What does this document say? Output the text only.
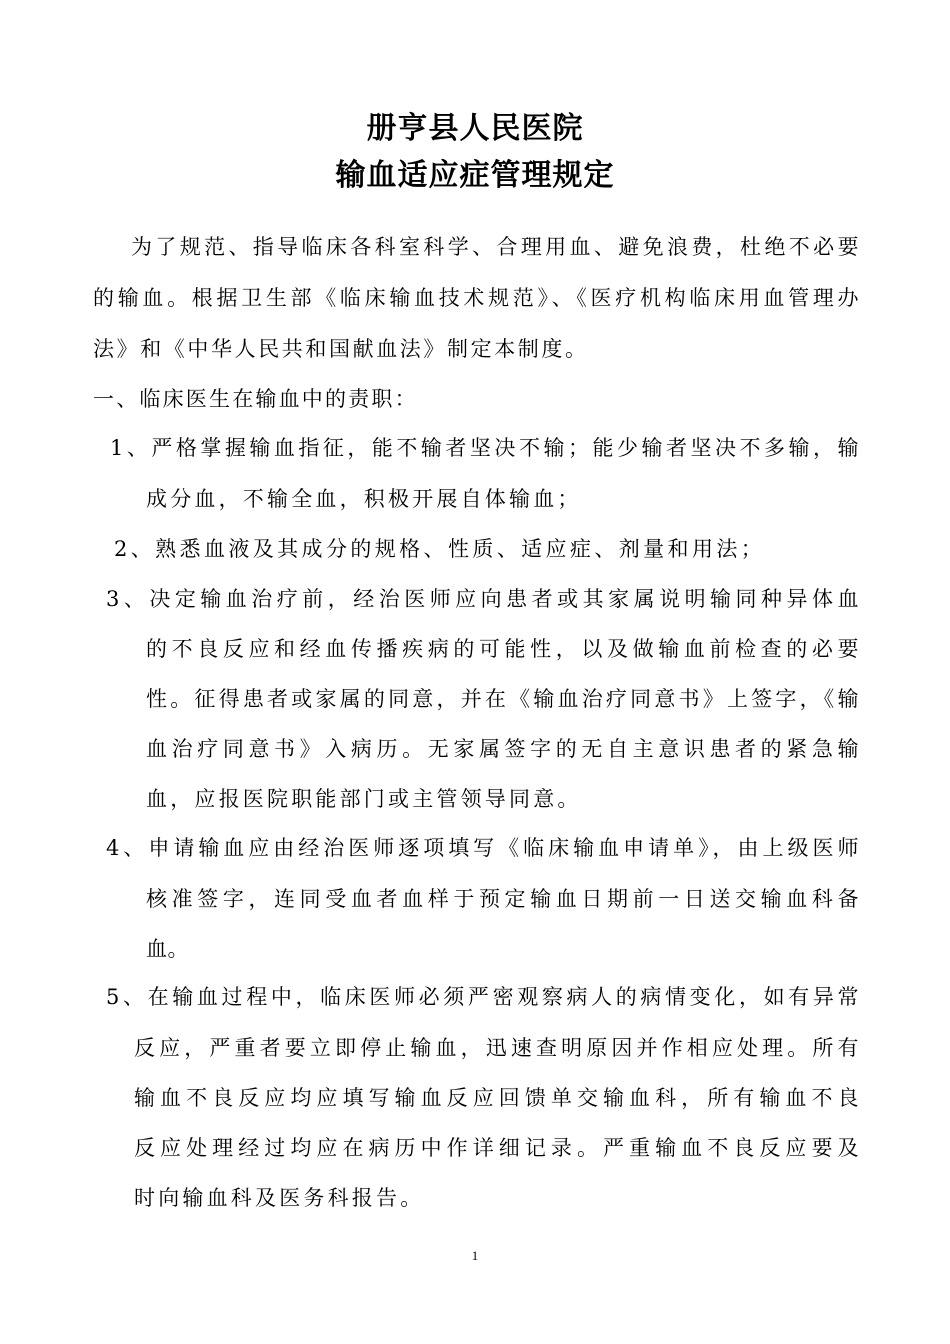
册亨县人民医院
输血适应症管理规定
为了规范、指导临床各科室科学、合理用血、避免浪费，杜绝不必要
的输血。根据卫生部《临床输血技术规范》、《医疗机构临床用血管理办
法》和《中华人民共和国献血法》制定本制度。
一、临床医生在输血中的责职：
1、严格掌握输血指征，能不输者坚决不输；能少输者坚决不多输，输
成分血，不输全血，积极开展自体输血；
2、熟悉血液及其成分的规格、性质、适应症、剂量和用法；
3、决定输血治疗前，经治医师应向患者或其家属说明输同种异体血
的不良反应和经血传播疾病的可能性，以及做输血前检查的必要
性。征得患者或家属的同意，并在《输血治疗同意书》上签字，《输
血治疗同意书》入病历。无家属签字的无自主意识患者的紧急输
血，应报医院职能部门或主管领导同意。
4、申请输血应由经治医师逐项填写《临床输血申请单》，由上级医师
核准签字，连同受血者血样于预定输血日期前一日送交输血科备
血。
5、在输血过程中，临床医师必须严密观察病人的病情变化，如有异常
反应，严重者要立即停止输血，迅速查明原因并作相应处理。所有
输血不良反应均应填写输血反应回馈单交输血科，所有输血不良
反应处理经过均应在病历中作详细记录。严重输血不良反应要及
时向输血科及医务科报告。
1
